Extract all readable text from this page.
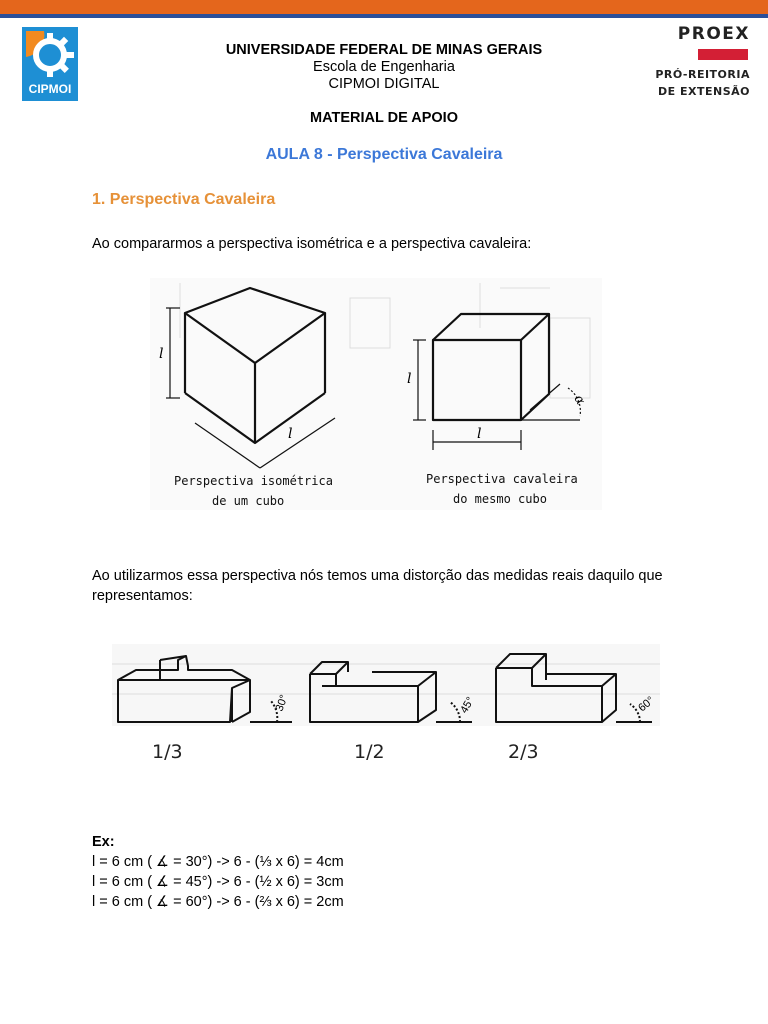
CIPMOI
UNIVERSIDADE FEDERAL DE MINAS GERAIS
Escola de Engenharia
CIPMOI DIGITAL
PROEX
PRÓ-REITORIA
DE EXTENSÃO
MATERIAL DE APOIO
AULA 8 - Perspectiva Cavaleira
1. Perspectiva Cavaleira
Ao compararmos a perspectiva isométrica e a perspectiva cavaleira:
l
l
l
l
α
Perspectiva isométrica
de um cubo
Perspectiva cavaleira
do mesmo cubo
Ao utilizarmos essa perspectiva nós temos uma distorção das medidas reais daquilo que representamos:
30°	45°	60°
1/3	1/2	2/3
Ex:
l = 6 cm ( ∡ = 30°) -> 6 - (⅓ x 6) = 4cm
l = 6 cm ( ∡ = 45°) -> 6 - (½ x 6) = 3cm
l = 6 cm ( ∡ = 60°) -> 6 - (⅔ x 6) = 2cm
